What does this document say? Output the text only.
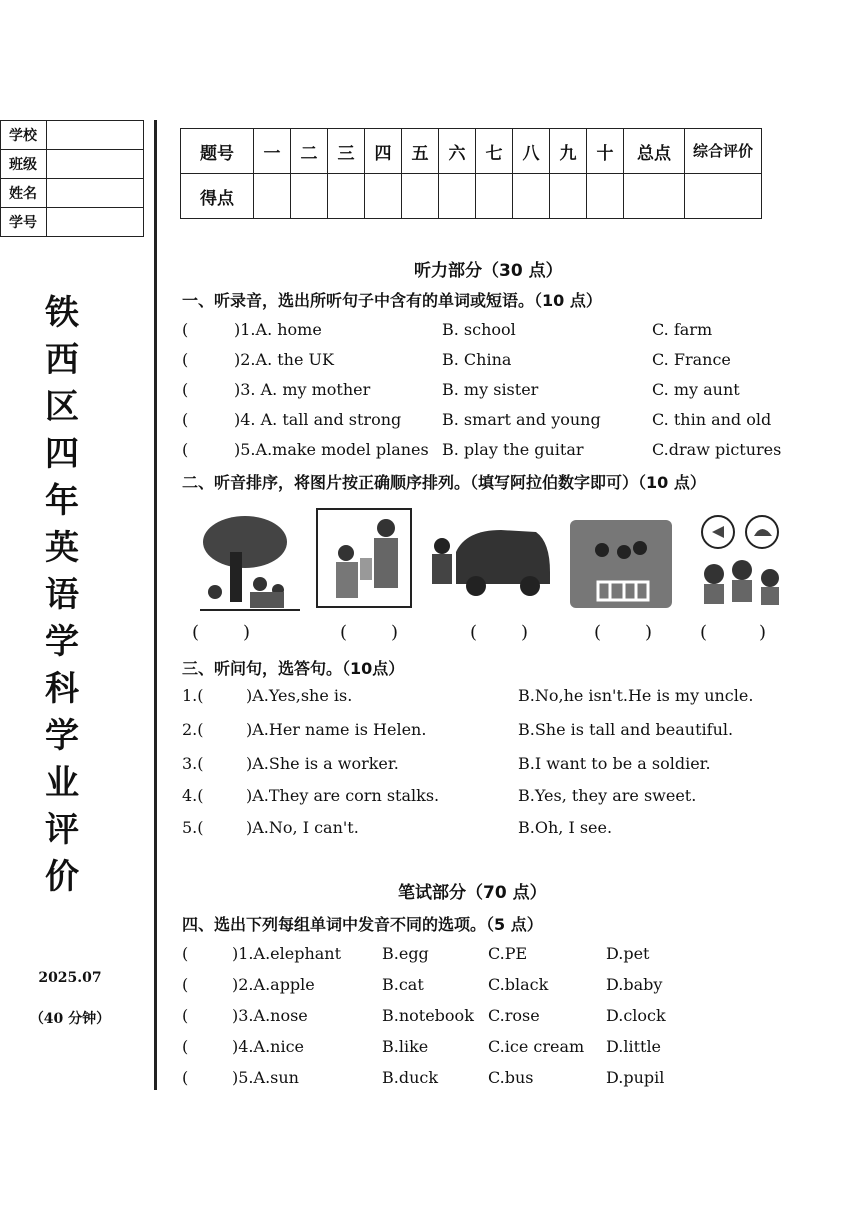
学校	
班级	
姓名	
学号	
铁
西
区
四
年
英
语
学
科
学
业
评
价
2025.07
（40 分钟）
题号	一	二	三	四	五	六	七	八	九	十	总点	综合评价
得点												
听力部分（30 点）
一、听录音，选出所听句子中含有的单词或短语。（10 点）
(	)1.A. home	B. school	C. farm
(	)2.A. the UK	B. China	C. France
(	)3. A. my mother	B. my sister	C. my aunt
(	)4. A. tall and strong	B. smart and young	C. thin and old
(	)5.A.make model planes B. play the guitar	C.draw pictures
二、听音排序，将图片按正确顺序排列。（填写阿拉伯数字即可）（10 点）
( )	( )	( )	( )	(	)
三、听问句，选答句。（10点）
1.(	)A.Yes,she is.	B.No,he isn't.He is my uncle.
2.(	)A.Her name is Helen.	B.She is tall and beautiful.
3.(	)A.She is a worker.	B.I want to be a soldier.
4.(	)A.They are corn stalks.	B.Yes, they are sweet.
5.(	)A.No, I can't.	B.Oh, I see.
笔试部分（70 点）
四、选出下列每组单词中发音不同的选项。（5 点）
(	)1.A.elephant	B.egg	C.PE	D.pet
(	)2.A.apple	B.cat	C.black	D.baby
(	)3.A.nose	B.notebook C.rose	D.clock
(	)4.A.nice	B.like	C.ice cream D.little
(	)5.A.sun	B.duck	C.bus	D.pupil
